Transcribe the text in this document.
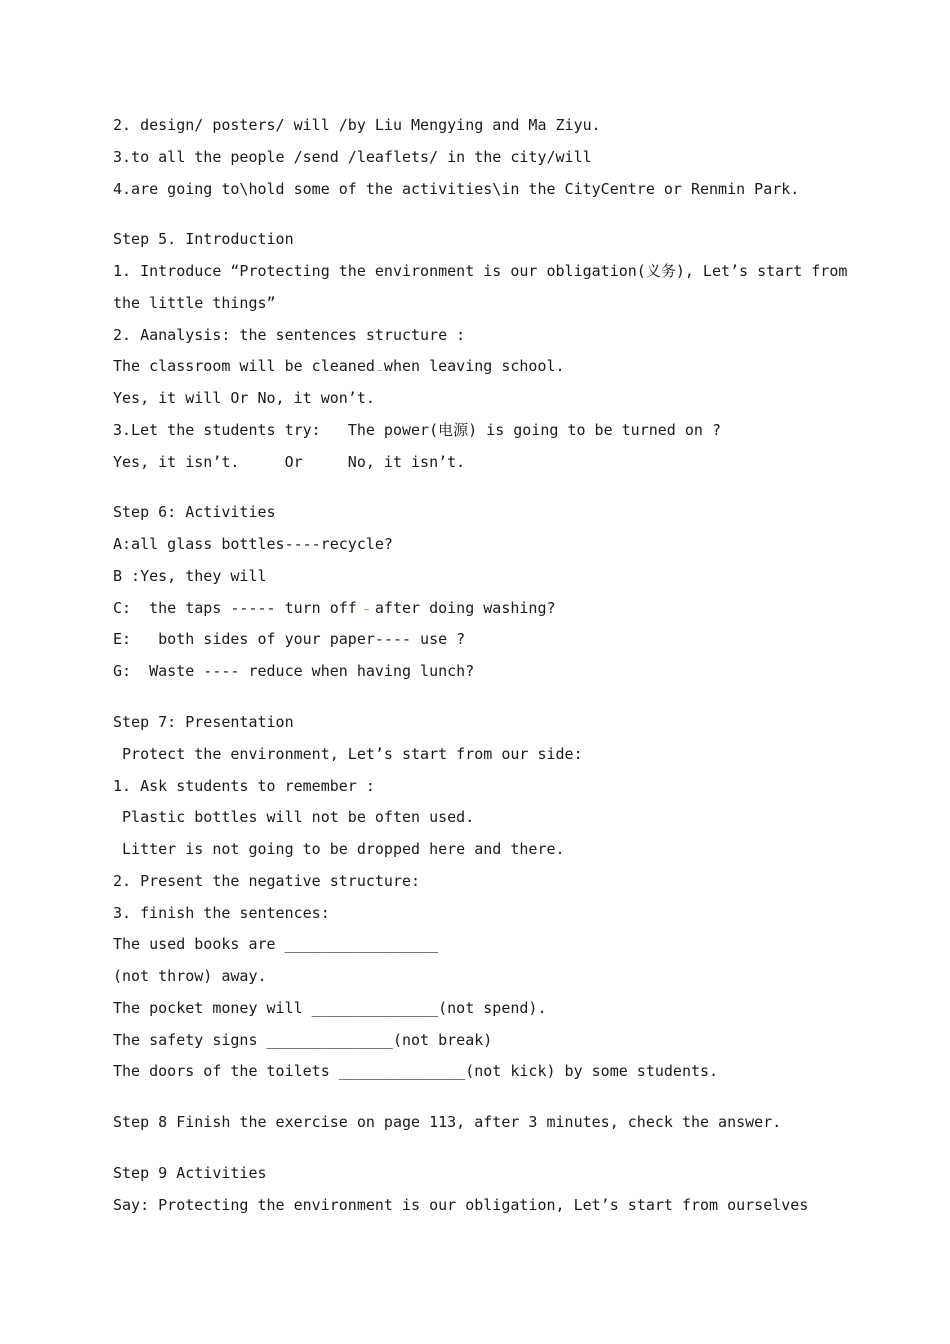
2. design/ posters/ will /by Liu Mengying and Ma Ziyu.
3.to all the people /send /leaflets/ in the city/will
4.are going to\hold some of the activities\in the CityCentre or Renmin Park.
Step 5. Introduction
1. Introduce “Protecting the environment is our obligation(义务), Let’s start from
the little things”
2. Aanalysis: the sentences structure :
The classroom will be cleaned when leaving school.
Yes, it will Or No, it won’t.
3.Let the students try:   The power(电源) is going to be turned on ?
Yes, it isn’t.     Or     No, it isn’t.
Step 6: Activities
A:all glass bottles----recycle?
B :Yes, they will
C:  the taps ----- turn off  after doing washing?
E:   both sides of your paper---- use ?
G:  Waste ---- reduce when having lunch?
Step 7: Presentation
Protect the environment, Let’s start from our side:
1. Ask students to remember :
Plastic bottles will not be often used.
Litter is not going to be dropped here and there.
2. Present the negative structure:
3. finish the sentences:
The used books are _________________
(not throw) away.
The pocket money will ______________(not spend).
The safety signs ______________(not break)
The doors of the toilets ______________(not kick) by some students.
Step 8 Finish the exercise on page 113, after 3 minutes, check the answer.
Step 9 Activities
Say: Protecting the environment is our obligation, Let’s start from ourselves
